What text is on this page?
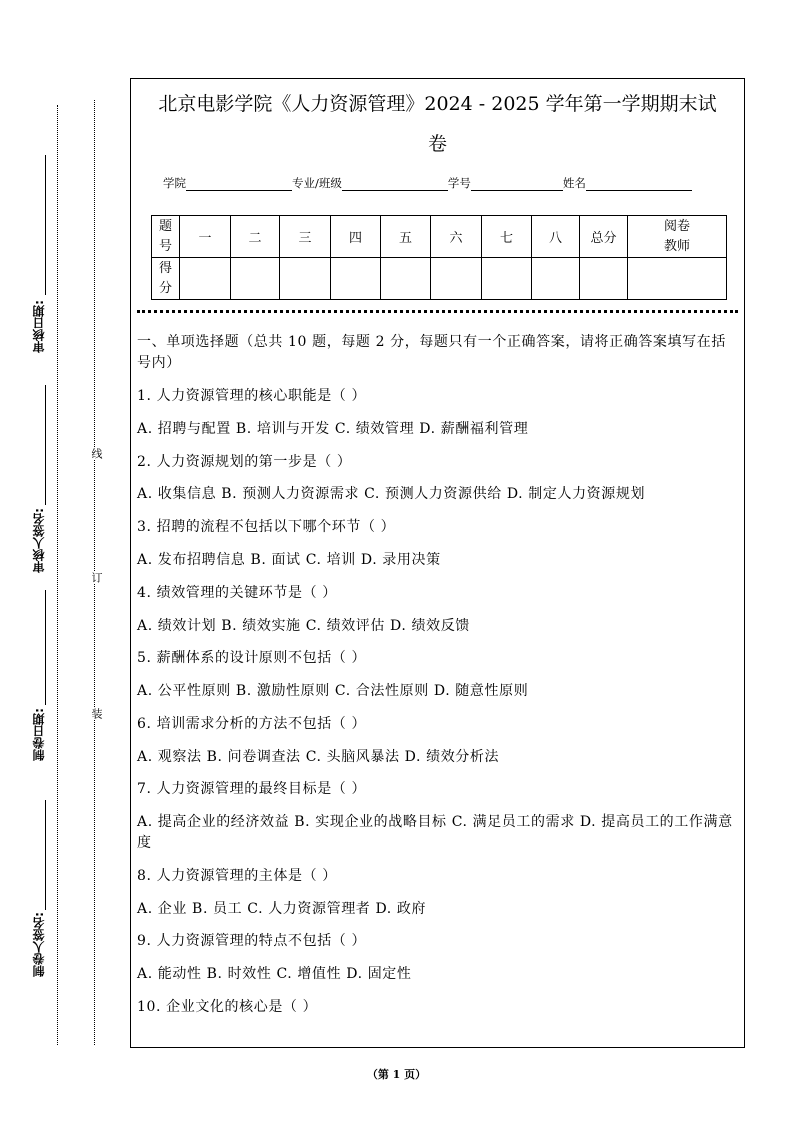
审核日期:
审核人签名:
制卷日期:
制卷人签名:
线
订
装
北京电影学院《人力资源管理》2024 - 2025 学年第一学期期末试
卷
学院	专业/班级	学号	姓名
题号	一	二	三	四	五	六	七	八	总分	阅卷教师
得分										
一、单项选择题（总共 10 题，每题 2 分，每题只有一个正确答案，请将正确答案填写在括号内）
1. 人力资源管理的核心职能是（ ）
A. 招聘与配置 B. 培训与开发 C. 绩效管理 D. 薪酬福利管理
2. 人力资源规划的第一步是（ ）
A. 收集信息 B. 预测人力资源需求 C. 预测人力资源供给 D. 制定人力资源规划
3. 招聘的流程不包括以下哪个环节（ ）
A. 发布招聘信息 B. 面试 C. 培训 D. 录用决策
4. 绩效管理的关键环节是（ ）
A. 绩效计划 B. 绩效实施 C. 绩效评估 D. 绩效反馈
5. 薪酬体系的设计原则不包括（ ）
A. 公平性原则 B. 激励性原则 C. 合法性原则 D. 随意性原则
6. 培训需求分析的方法不包括（ ）
A. 观察法 B. 问卷调查法 C. 头脑风暴法 D. 绩效分析法
7. 人力资源管理的最终目标是（ ）
A. 提高企业的经济效益 B. 实现企业的战略目标 C. 满足员工的需求 D. 提高员工的工作满意度
8. 人力资源管理的主体是（ ）
A. 企业 B. 员工 C. 人力资源管理者 D. 政府
9. 人力资源管理的特点不包括（ ）
A. 能动性 B. 时效性 C. 增值性 D. 固定性
10. 企业文化的核心是（ ）
（第 1 页）
